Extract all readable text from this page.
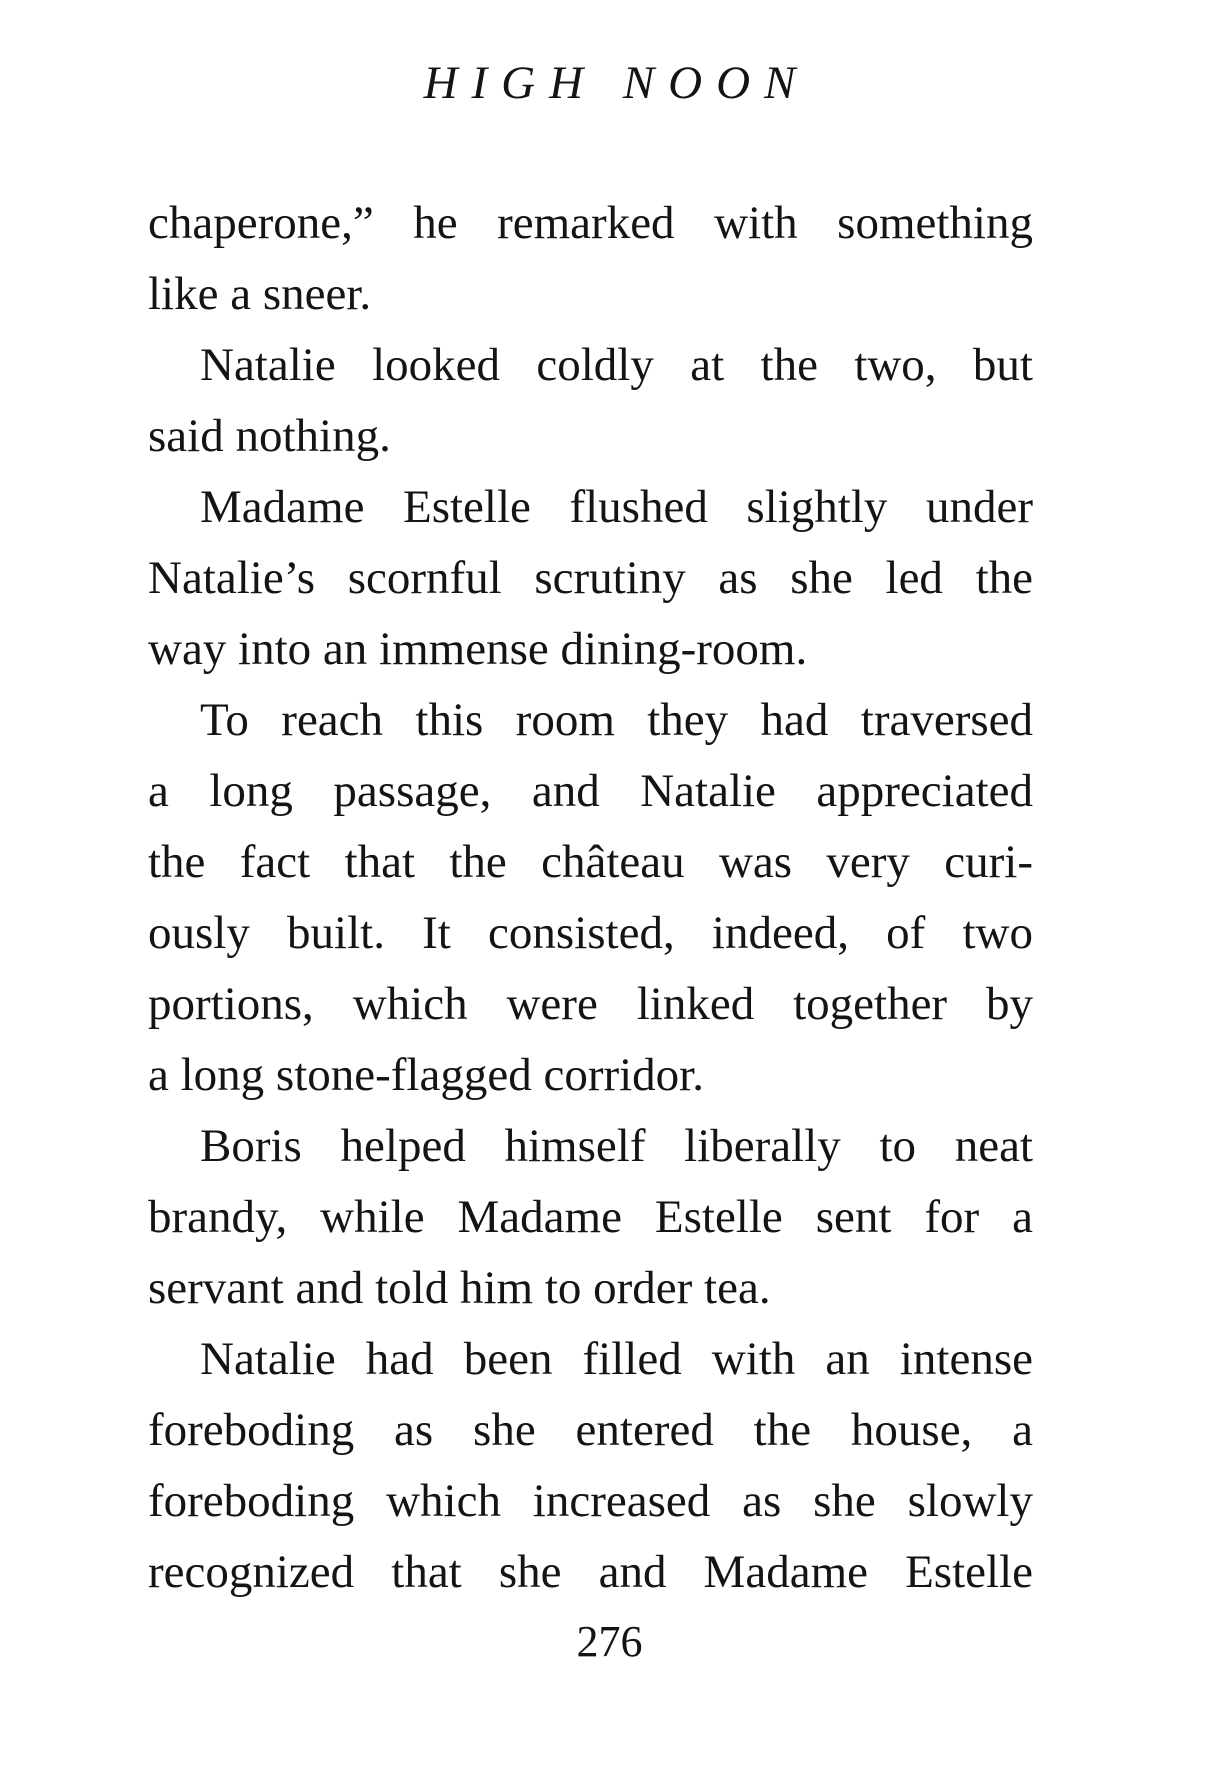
HIGH NOON
chaperone,” he remarked with something
like a sneer.
Natalie looked coldly at the two, but
said nothing.
Madame Estelle flushed slightly under
Natalie’s scornful scrutiny as she led the
way into an immense dining-room.
To reach this room they had traversed
a long passage, and Natalie appreciated
the fact that the château was very curi-
ously built. It consisted, indeed, of two
portions, which were linked together by
a long stone-flagged corridor.
Boris helped himself liberally to neat
brandy, while Madame Estelle sent for a
servant and told him to order tea.
Natalie had been filled with an intense
foreboding as she entered the house, a
foreboding which increased as she slowly
recognized that she and Madame Estelle
276
